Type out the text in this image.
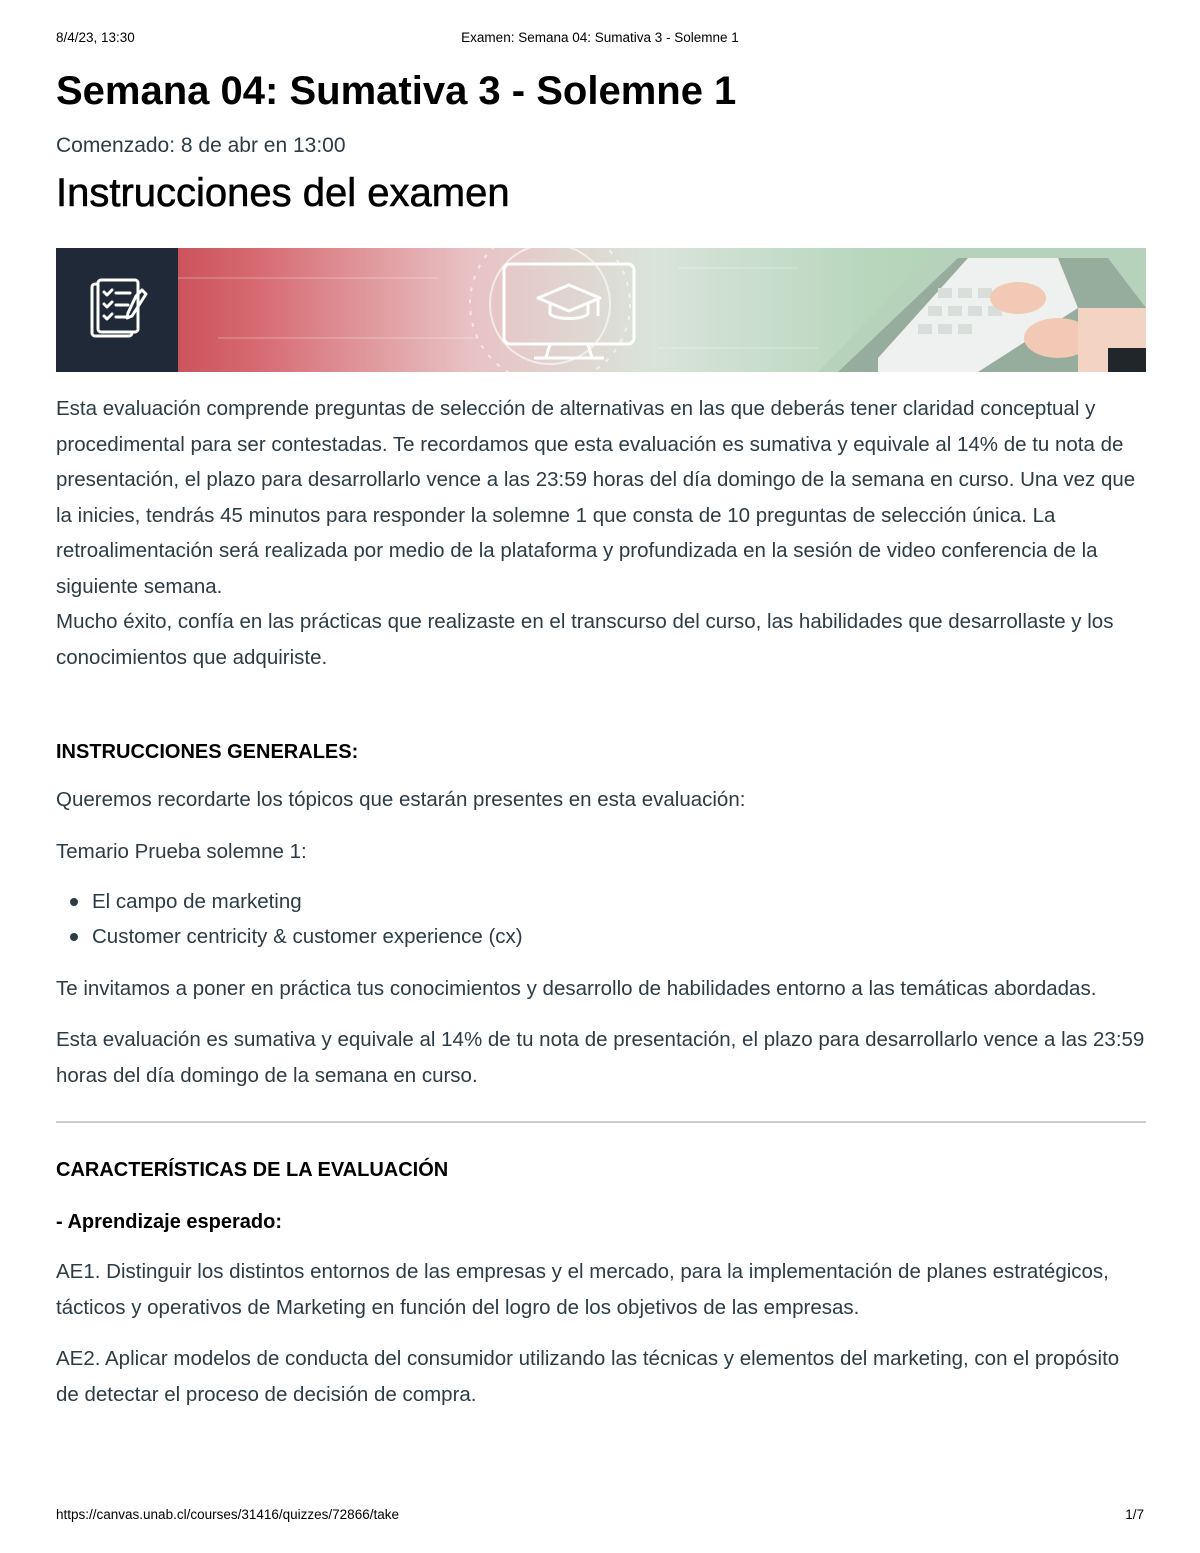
8/4/23, 13:30	Examen: Semana 04: Sumativa 3 - Solemne 1
Semana 04: Sumativa 3 - Solemne 1
Comenzado: 8 de abr en 13:00
Instrucciones del examen

Esta evaluación comprende preguntas de selección de alternativas en las que deberás tener claridad conceptual y procedimental para ser contestadas. Te recordamos que esta evaluación es sumativa y equivale al 14% de tu nota de presentación, el plazo para desarrollarlo vence a las 23:59 horas del día domingo de la semana en curso. Una vez que la inicies, tendrás 45 minutos para responder la solemne 1 que consta de 10 preguntas de selección única. La retroalimentación será realizada por medio de la plataforma y profundizada en la sesión de video conferencia de la siguiente semana.

Mucho éxito, confía en las prácticas que realizaste en el transcurso del curso, las habilidades que desarrollaste y los conocimientos que adquiriste.

INSTRUCCIONES GENERALES:
Queremos recordarte los tópicos que estarán presentes en esta evaluación:
Temario Prueba solemne 1:
El campo de marketing
Customer centricity & customer experience (cx)
Te invitamos a poner en práctica tus conocimientos y desarrollo de habilidades entorno a las temáticas abordadas.
Esta evaluación es sumativa y equivale al 14% de tu nota de presentación, el plazo para desarrollarlo vence a las 23:59 horas del día domingo de la semana en curso.
CARACTERÍSTICAS DE LA EVALUACIÓN
- Aprendizaje esperado:
AE1. Distinguir los distintos entornos de las empresas y el mercado, para la implementación de planes estratégicos, tácticos y operativos de Marketing en función del logro de los objetivos de las empresas.
AE2. Aplicar modelos de conducta del consumidor utilizando las técnicas y elementos del marketing, con el propósito de detectar el proceso de decisión de compra.
https://canvas.unab.cl/courses/31416/quizzes/72866/take	1/7
